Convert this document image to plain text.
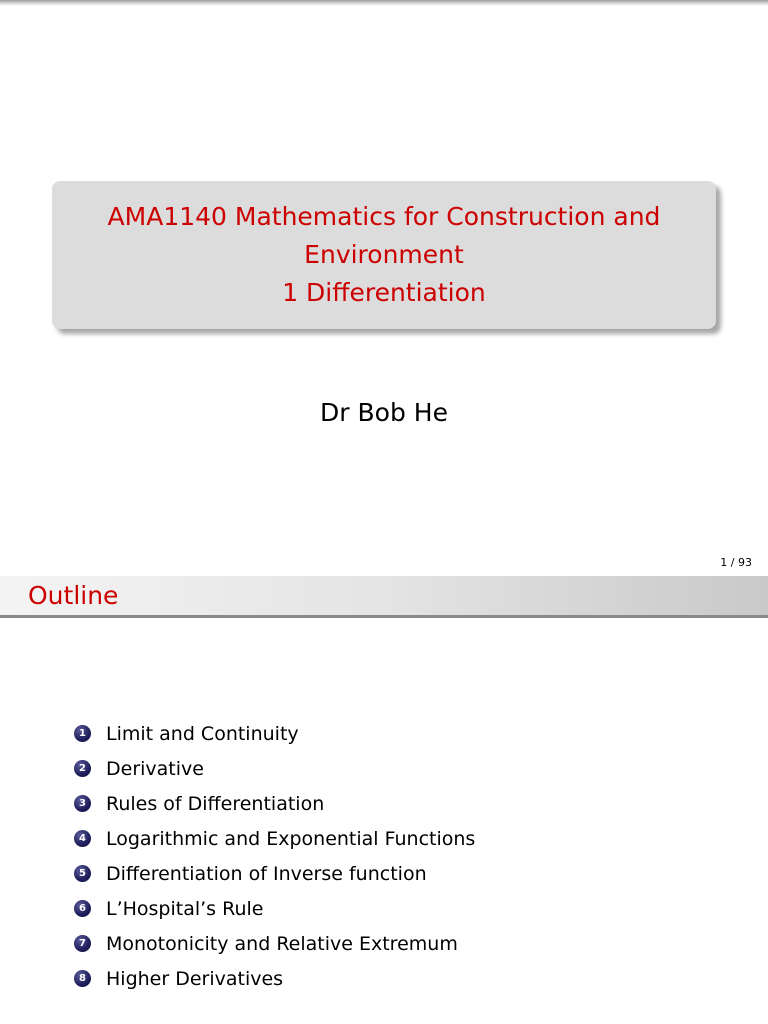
AMA1140 Mathematics for Construction and
Environment
1 Differentiation
Dr Bob He
1 / 93
Outline
1 Limit and Continuity
2 Derivative
3 Rules of Differentiation
4 Logarithmic and Exponential Functions
5 Differentiation of Inverse function
6 L’Hospital’s Rule
7 Monotonicity and Relative Extremum
8 Higher Derivatives
